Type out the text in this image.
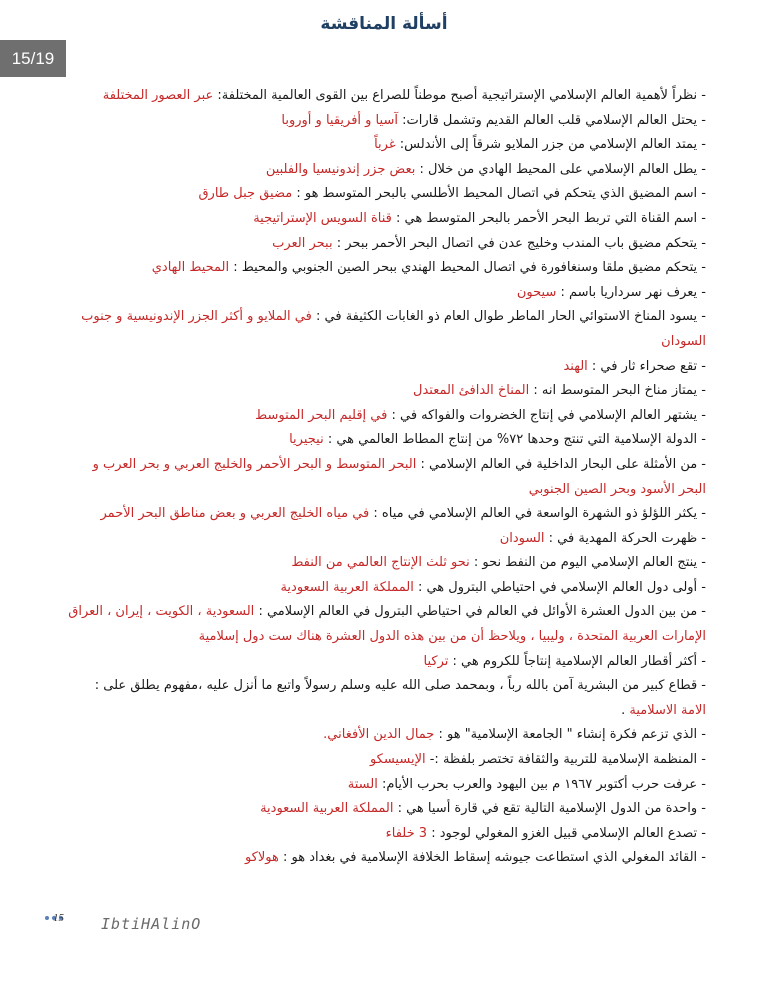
أسألة المناقشة
15/19
- نظراً لأهمية العالم الإسلامي الإستراتيجية أصبح موطناً للصراع بين القوى العالمية المختلفة: عبر العصور المختلفة
- يحتل العالم الإسلامي قلب العالم القديم وتشمل قارات: آسيا و أفريقيا و أوروبا
- يمتد العالم الإسلامي من جزر الملايو شرقاً إلى الأندلس: غرباً
- يطل العالم الإسلامي على المحيط الهادي من خلال : بعض جزر إندونيسيا والفلبين
- اسم المضيق الذي يتحكم في اتصال المحيط الأطلسي بالبحر المتوسط هو : مضيق جبل طارق
- اسم القناة التي تربط البحر الأحمر بالبحر المتوسط هي : قناة السويس الإستراتيجية
- يتحكم مضيق باب المندب وخليج عدن في اتصال البحر الأحمر ببحر : ببحر العرب
- يتحكم مضيق ملقا وسنغافورة في اتصال المحيط الهندي ببحر الصين الجنوبي والمحيط : المحيط الهادي
- يعرف نهر سرداريا باسم : سيحون
- يسود المناخ الاستوائي الحار الماطر طوال العام ذو الغابات الكثيفة في : في الملايو و أكثر الجزر الإندونيسية و جنوب
السودان
- تقع صحراء ثار في : الهند
- يمتاز مناخ البحر المتوسط انه : المناخ الدافئ المعتدل
- يشتهر العالم الإسلامي في إنتاج الخضروات والفواكه في : في إقليم البحر المتوسط
- الدولة الإسلامية التي تنتج وحدها ٧٢% من إنتاج المطاط العالمي هي : نيجيريا
- من الأمثلة على البحار الداخلية في العالم الإسلامي : البحر المتوسط و البحر الأحمر والخليج العربي و بحر العرب و
البحر الأسود وبحر الصين الجنوبي
- يكثر اللؤلؤ ذو الشهرة الواسعة في العالم الإسلامي في مياه : في مياه الخليج العربي و بعض مناطق البحر الأحمر
- ظهرت الحركة المهدية في : السودان
- ينتج العالم الإسلامي اليوم من النفط نحو : نحو ثلث الإنتاج العالمي من النفط
- أولى دول العالم الإسلامي في احتياطي البترول هي : المملكة العربية السعودية
- من بين الدول العشرة الأوائل في العالم في احتياطي البترول في العالم الإسلامي : السعودية ، الكويت ، إيران ، العراق
الإمارات العربية المتحدة ، وليبيا ، ويلاحظ أن من بين هذه الدول العشرة هناك ست دول إسلامية
- أكثر أقطار العالم الإسلامية إنتاجاً للكروم هي : تركيا
- قطاع كبير من البشرية آمن بالله رباً ، وبمحمد صلى الله عليه وسلم رسولاً واتبع ما أنزل عليه ،مفهوم يطلق على :
الامة الاسلامية .
- الذي تزعم فكرة إنشاء " الجامعة الإسلامية" هو : جمال الدين الأفغاني.
- المنظمة الإسلامية للتربية والثقافة تختصر بلفظة :- الإيسيسكو
- عرفت حرب أكتوبر ١٩٦٧ م بين اليهود والعرب بحرب الأيام: الستة
- واحدة من الدول الإسلامية التالية تقع في قارة أسيا هي : المملكة العربية السعودية
- تصدع العالم الإسلامي قبيل الغزو المغولي لوجود : 3 خلفاء
- القائد المغولي الذي استطاعت جيوشه إسقاط الخلافة الإسلامية في بغداد هو : هولاكو
15 IbtiHAlinO
